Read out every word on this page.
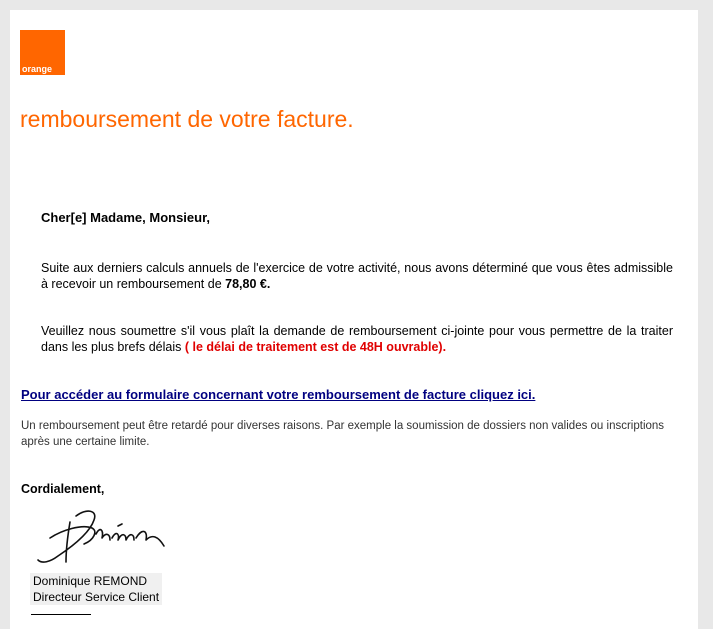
orange
remboursement de votre facture.
Cher[e] Madame, Monsieur,

Suite aux derniers calculs annuels de l'exercice de votre activité, nous avons déterminé que vous êtes admissible à recevoir un remboursement de 78,80 €.

Veuillez nous soumettre s'il vous plaît la demande de remboursement ci-jointe pour vous permettre de la traiter dans les plus brefs délais ( le délai de traitement est de 48H ouvrable).

Pour accéder au formulaire concernant votre remboursement de facture cliquez ici.

Un remboursement peut être retardé pour diverses raisons. Par exemple la soumission de dossiers non valides ou inscriptions après une certaine limite.

Cordialement,
Dominique REMOND
Directeur Service Client
